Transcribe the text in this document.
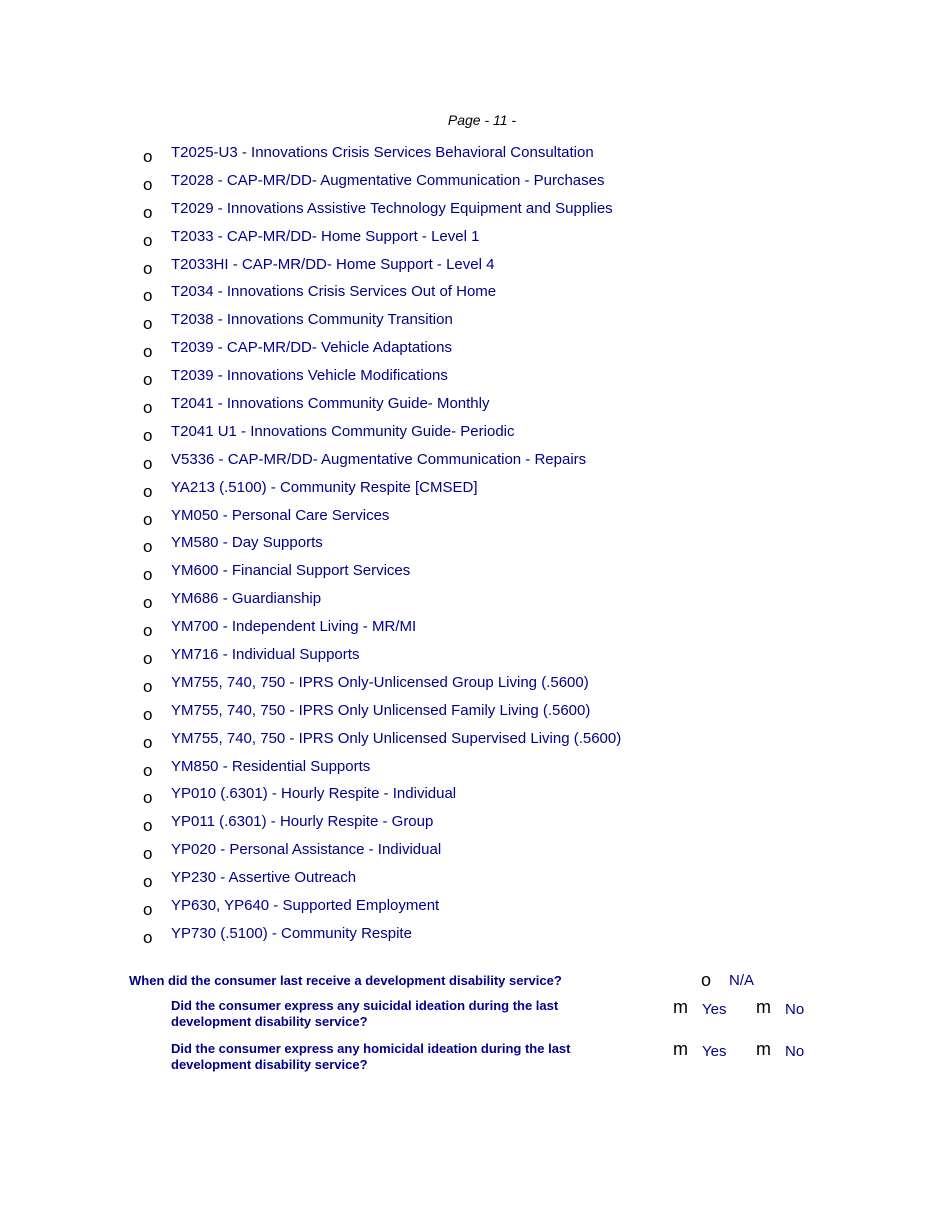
Page - 11 -
o T2025-U3 - Innovations Crisis Services Behavioral Consultation
o T2028 - CAP-MR/DD- Augmentative Communication - Purchases
o T2029 - Innovations Assistive Technology Equipment and Supplies
o T2033 - CAP-MR/DD- Home Support - Level 1
o T2033HI - CAP-MR/DD- Home Support - Level 4
o T2034 - Innovations Crisis Services Out of Home
o T2038 - Innovations Community Transition
o T2039 - CAP-MR/DD- Vehicle Adaptations
o T2039 - Innovations Vehicle Modifications
o T2041 - Innovations Community Guide- Monthly
o T2041 U1 - Innovations Community Guide- Periodic
o V5336 - CAP-MR/DD- Augmentative Communication - Repairs
o YA213 (.5100) - Community Respite [CMSED]
o YM050 - Personal Care Services
o YM580 - Day Supports
o YM600 - Financial Support Services
o YM686 - Guardianship
o YM700 - Independent Living - MR/MI
o YM716 - Individual Supports
o YM755, 740, 750 - IPRS Only-Unlicensed Group Living (.5600)
o YM755, 740, 750 - IPRS Only Unlicensed Family Living (.5600)
o YM755, 740, 750 - IPRS Only Unlicensed Supervised Living (.5600)
o YM850 - Residential Supports
o YP010 (.6301) - Hourly Respite - Individual
o YP011 (.6301) - Hourly Respite - Group
o YP020 - Personal Assistance - Individual
o YP230 - Assertive Outreach
o YP630, YP640 - Supported Employment
o YP730 (.5100) - Community Respite
When did the consumer last receive a development disability service?	o N/A
Did the consumer express any suicidal ideation during the last
development disability service?
m Yes m No
Did the consumer express any homicidal ideation during the last
development disability service?
m Yes m No
